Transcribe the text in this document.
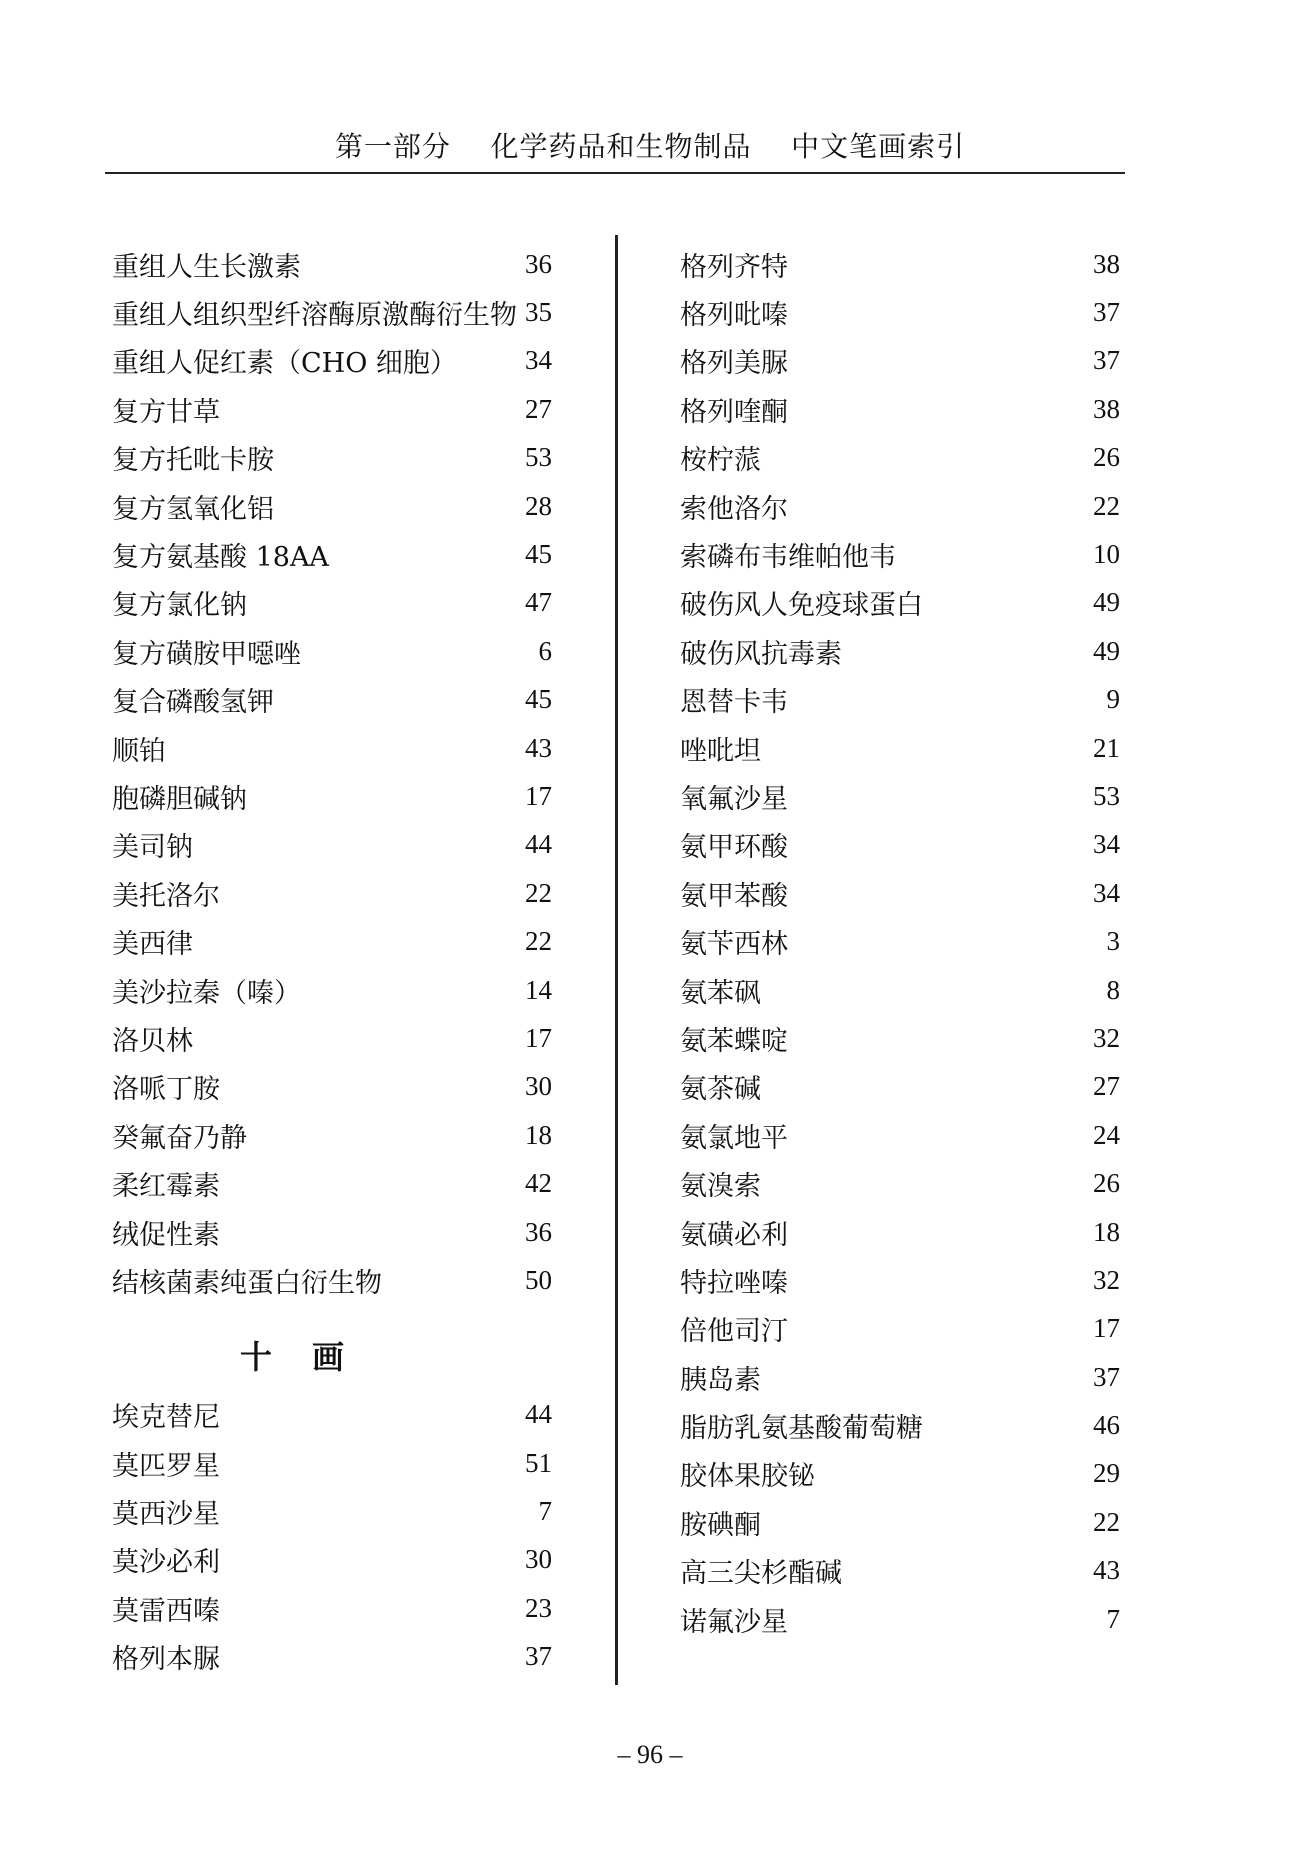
第一部分 化学药品和生物制品 中文笔画索引
重组人生长激素	36
重组人组织型纤溶酶原激酶衍生物 35
重组人促红素（CHO 细胞）	34
复方甘草	27
复方托吡卡胺	53
复方氢氧化铝	28
复方氨基酸 18AA	45
复方氯化钠	47
复方磺胺甲噁唑	6
复合磷酸氢钾	45
顺铂	43
胞磷胆碱钠	17
美司钠	44
美托洛尔	22
美西律	22
美沙拉秦（嗪）	14
洛贝林	17
洛哌丁胺	30
癸氟奋乃静	18
柔红霉素	42
绒促性素	36
结核菌素纯蛋白衍生物	50
十画
埃克替尼	44
莫匹罗星	51
莫西沙星	7
莫沙必利	30
莫雷西嗪	23
格列本脲	37
格列齐特	38
格列吡嗪	37
格列美脲	37
格列喹酮	38
桉柠蒎	26
索他洛尔	22
索磷布韦维帕他韦	10
破伤风人免疫球蛋白	49
破伤风抗毒素	49
恩替卡韦	9
唑吡坦	21
氧氟沙星	53
氨甲环酸	34
氨甲苯酸	34
氨苄西林	3
氨苯砜	8
氨苯蝶啶	32
氨茶碱	27
氨氯地平	24
氨溴索	26
氨磺必利	18
特拉唑嗪	32
倍他司汀	17
胰岛素	37
脂肪乳氨基酸葡萄糖	46
胶体果胶铋	29
胺碘酮	22
高三尖杉酯碱	43
诺氟沙星	7
– 96 –
